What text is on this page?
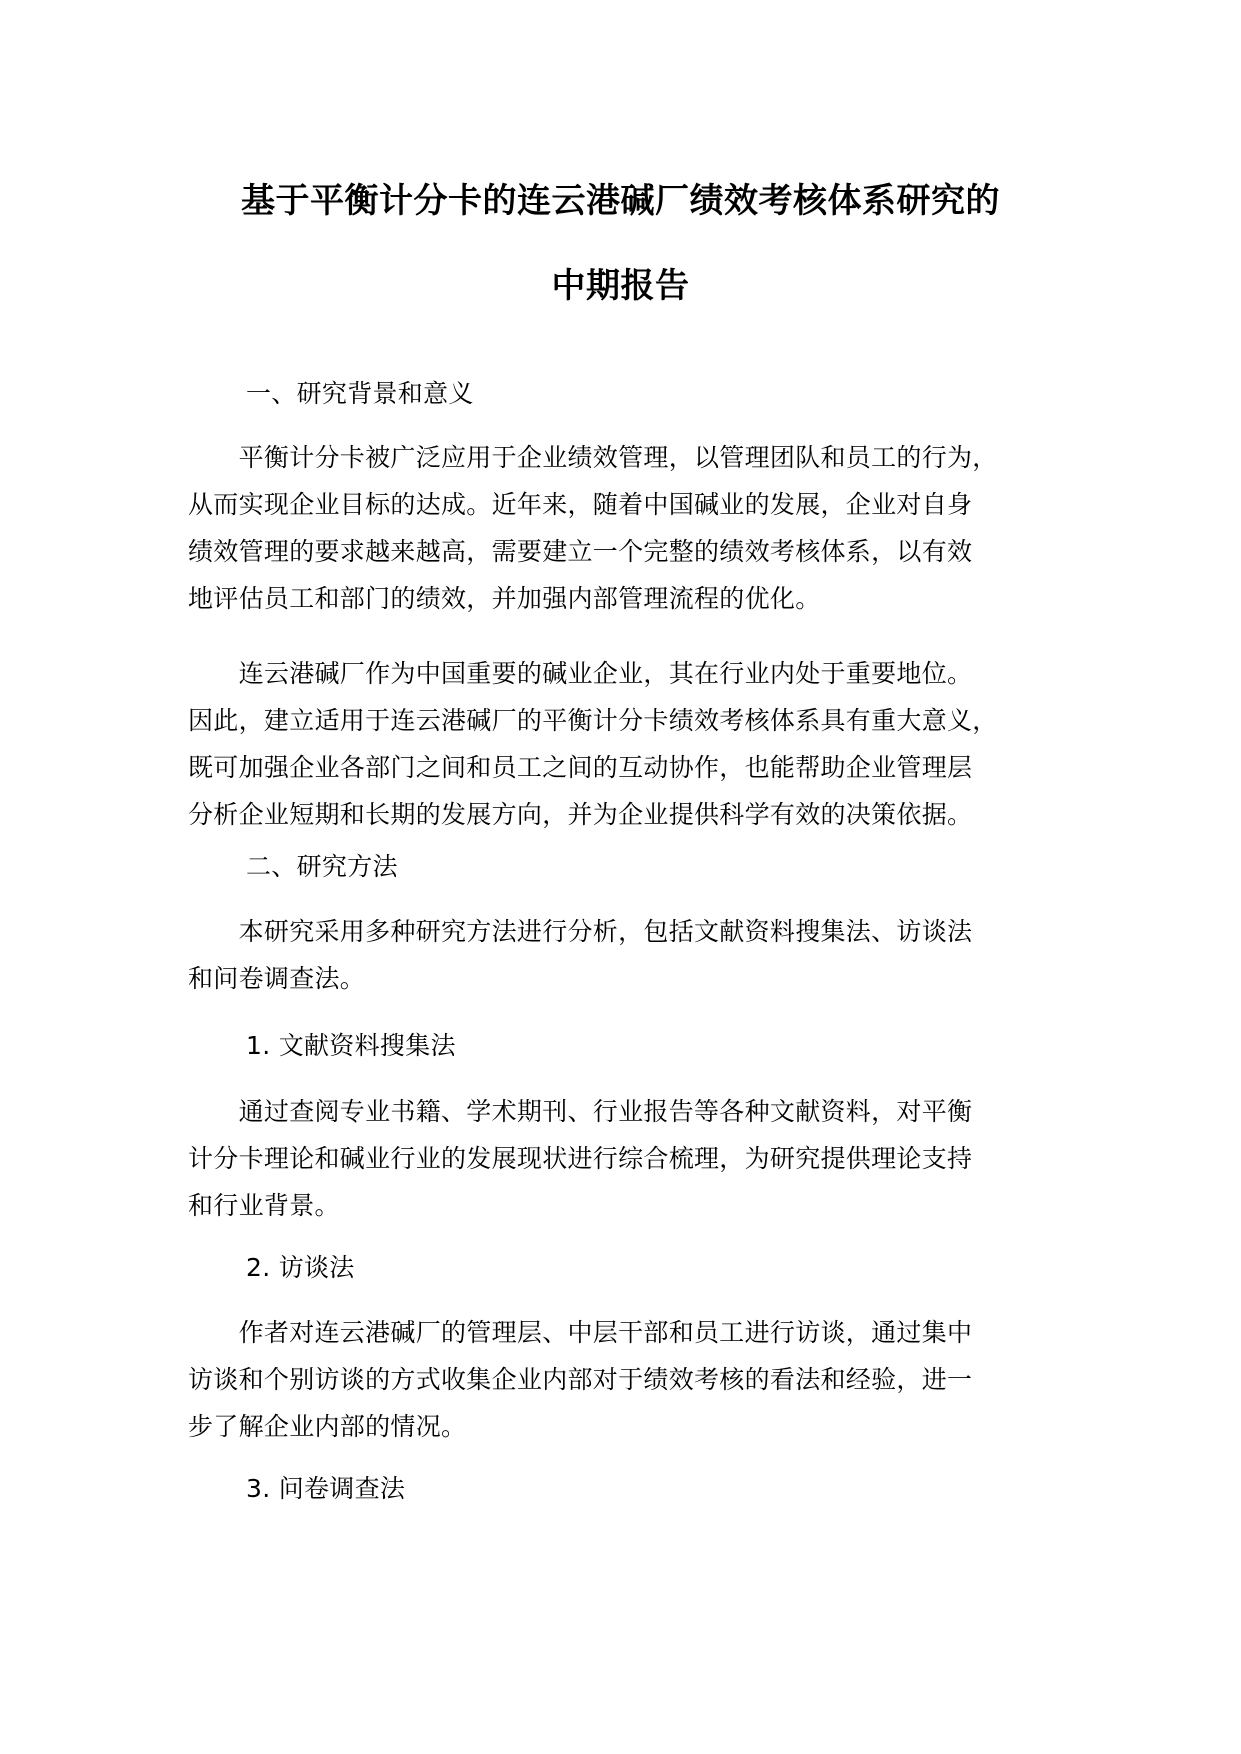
基于平衡计分卡的连云港碱厂绩效考核体系研究的
中期报告

一、研究背景和意义

　　平衡计分卡被广泛应用于企业绩效管理，以管理团队和员工的行为，
从而实现企业目标的达成。近年来，随着中国碱业的发展，企业对自身
绩效管理的要求越来越高，需要建立一个完整的绩效考核体系，以有效
地评估员工和部门的绩效，并加强内部管理流程的优化。

　　连云港碱厂作为中国重要的碱业企业，其在行业内处于重要地位。
因此，建立适用于连云港碱厂的平衡计分卡绩效考核体系具有重大意义，
既可加强企业各部门之间和员工之间的互动协作，也能帮助企业管理层
分析企业短期和长期的发展方向，并为企业提供科学有效的决策依据。

二、研究方法

　　本研究采用多种研究方法进行分析，包括文献资料搜集法、访谈法
和问卷调查法。

1. 文献资料搜集法

　　通过查阅专业书籍、学术期刊、行业报告等各种文献资料，对平衡
计分卡理论和碱业行业的发展现状进行综合梳理，为研究提供理论支持
和行业背景。

2. 访谈法

　　作者对连云港碱厂的管理层、中层干部和员工进行访谈，通过集中
访谈和个别访谈的方式收集企业内部对于绩效考核的看法和经验，进一
步了解企业内部的情况。

3. 问卷调查法
